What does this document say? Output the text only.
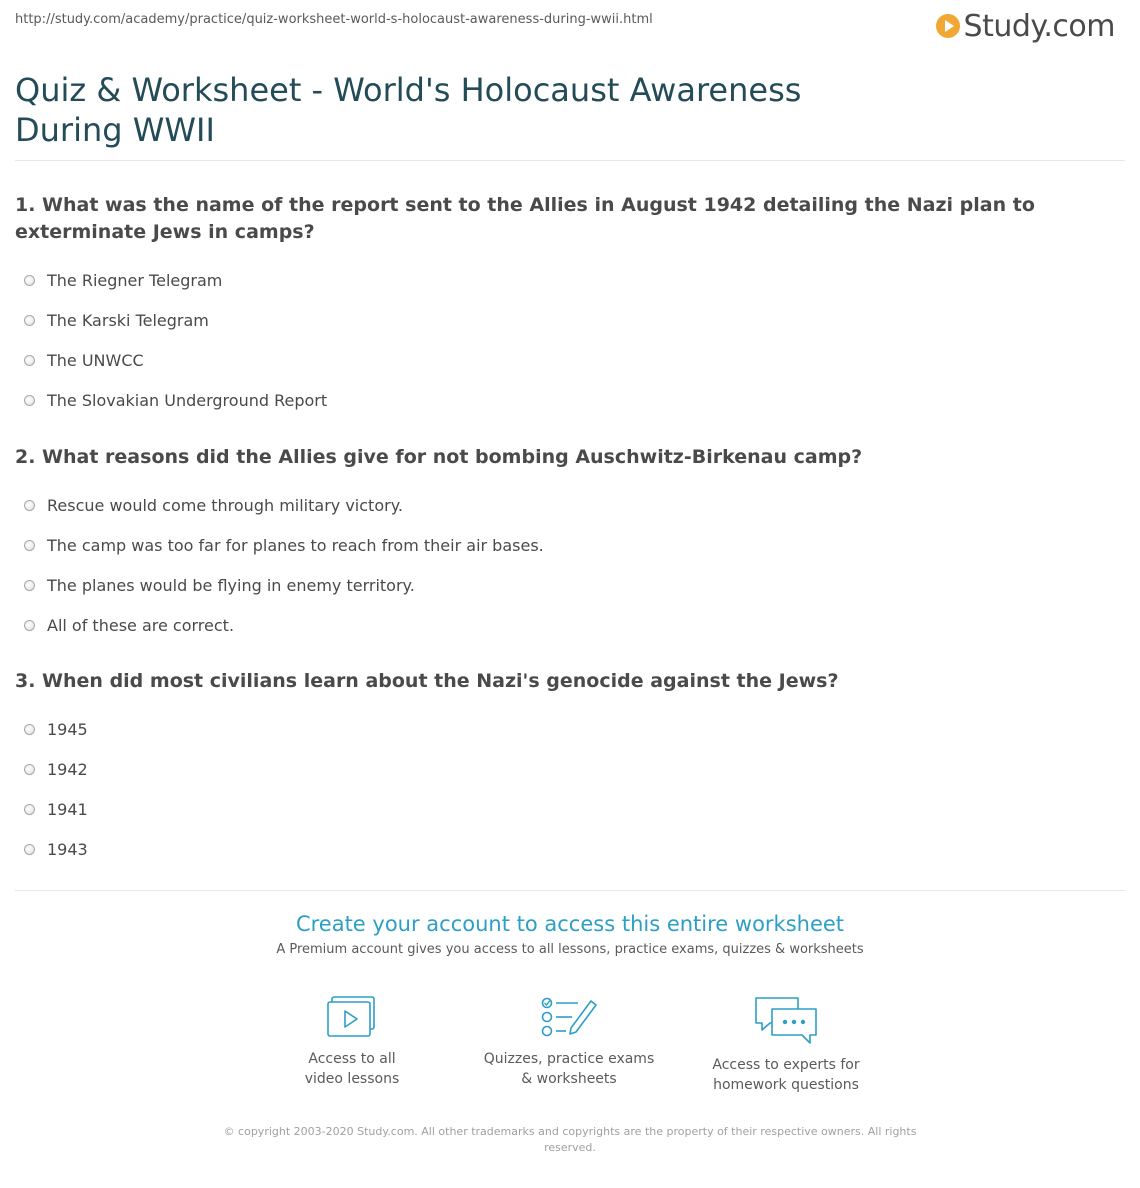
http://study.com/academy/practice/quiz-worksheet-world-s-holocaust-awareness-during-wwii.html	Study.com
Quiz & Worksheet - World's Holocaust Awareness During WWII
1. What was the name of the report sent to the Allies in August 1942 detailing the Nazi plan to exterminate Jews in camps?
The Riegner Telegram
The Karski Telegram
The UNWCC
The Slovakian Underground Report
2. What reasons did the Allies give for not bombing Auschwitz-Birkenau camp?
Rescue would come through military victory.
The camp was too far for planes to reach from their air bases.
The planes would be flying in enemy territory.
All of these are correct.
3. When did most civilians learn about the Nazi's genocide against the Jews?
1945
1942
1941
1943
Create your account to access this entire worksheet
A Premium account gives you access to all lessons, practice exams, quizzes & worksheets
Access to all
video lessons
Quizzes, practice exams
& worksheets
Access to experts for
homework questions
© copyright 2003-2020 Study.com. All other trademarks and copyrights are the property of their respective owners. All rights reserved.
